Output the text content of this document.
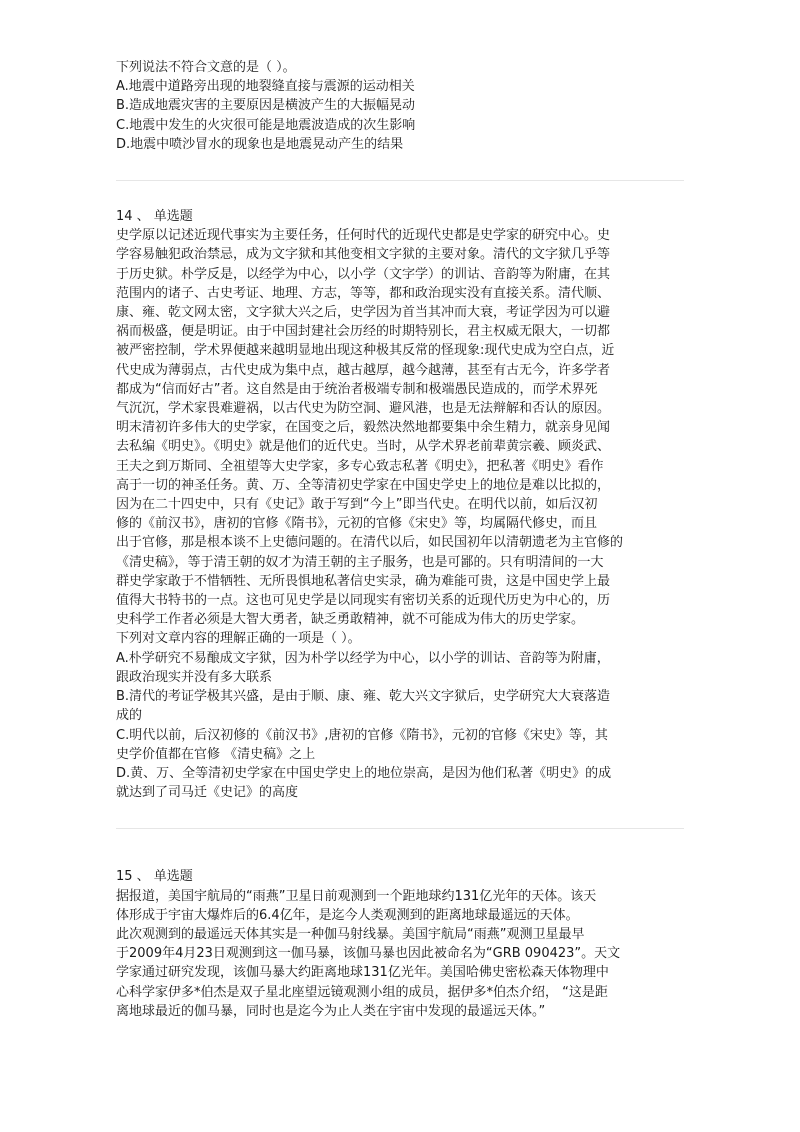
下列说法不符合文意的是（ ）。
A.地震中道路旁出现的地裂缝直接与震源的运动相关
B.造成地震灾害的主要原因是横波产生的大振幅晃动
C.地震中发生的火灾很可能是地震波造成的次生影响
D.地震中喷沙冒水的现象也是地震晃动产生的结果
14 、 单选题
史学原以记述近现代事实为主要任务，任何时代的近现代史都是史学家的研究中心。史
学容易触犯政治禁忌，成为文字狱和其他变相文字狱的主要对象。清代的文字狱几乎等
于历史狱。朴学反是，以经学为中心，以小学（文字学）的训诂、音韵等为附庸，在其
范围内的诸子、古史考证、地理、方志，等等，都和政治现实没有直接关系。清代顺、
康、雍、乾文网太密，文字狱大兴之后，史学因为首当其冲而大衰，考证学因为可以避
祸而极盛，便是明证。由于中国封建社会历经的时期特别长，君主权威无限大，一切都
被严密控制，学术界便越来越明显地出现这种极其反常的怪现象:现代史成为空白点，近
代史成为薄弱点，古代史成为集中点，越古越厚，越今越薄，甚至有古无今，许多学者
都成为“信而好古”者。这自然是由于统治者极端专制和极端愚民造成的，而学术界死
气沉沉，学术家畏难避祸，以古代史为防空洞、避风港，也是无法辩解和否认的原因。
明末清初许多伟大的史学家，在国变之后，毅然决然地都要集中余生精力，就亲身见闻
去私编《明史》。《明史》就是他们的近代史。当时，从学术界老前辈黄宗羲、顾炎武、
王夫之到万斯同、全祖望等大史学家，多专心致志私著《明史》，把私著《明史》看作
高于一切的神圣任务。黄、万、全等清初史学家在中国史学史上的地位是难以比拟的，
因为在二十四史中，只有《史记》敢于写到“今上”即当代史。在明代以前，如后汉初
修的《前汉书》，唐初的官修《隋书》，元初的官修《宋史》等，均属隔代修史，而且
出于官修，那是根本谈不上史德问题的。在清代以后，如民国初年以清朝遗老为主官修的
《清史稿》，等于清王朝的奴才为清王朝的主子服务，也是可鄙的。只有明清间的一大
群史学家敢于不惜牺牲、无所畏惧地私著信史实录，确为难能可贵，这是中国史学上最
值得大书特书的一点。这也可见史学是以同现实有密切关系的近现代历史为中心的，历
史科学工作者必须是大智大勇者，缺乏勇敢精神，就不可能成为伟大的历史学家。
下列对文章内容的理解正确的一项是（ ）。
A.朴学研究不易酿成文字狱，因为朴学以经学为中心，以小学的训诂、音韵等为附庸，
跟政治现实并没有多大联系
B.清代的考证学极其兴盛，是由于顺、康、雍、乾大兴文字狱后，史学研究大大衰落造
成的
C.明代以前，后汉初修的《前汉书》,唐初的官修《隋书》，元初的官修《宋史》等，其
史学价值都在官修 《清史稿》之上
D.黄、万、全等清初史学家在中国史学史上的地位崇高，是因为他们私著《明史》的成
就达到了司马迁《史记》的高度
15 、 单选题
据报道，美国宇航局的“雨燕”卫星日前观测到一个距地球约131亿光年的天体。该天
体形成于宇宙大爆炸后的6.4亿年，是迄今人类观测到的距离地球最遥远的天体。
此次观测到的最遥远天体其实是一种伽马射线暴。美国宇航局“雨燕”观测卫星最早
于2009年4月23日观测到这一伽马暴，该伽马暴也因此被命名为“GRB 090423”。天文
学家通过研究发现，该伽马暴大约距离地球131亿光年。美国哈佛史密松森天体物理中
心科学家伊多*伯杰是双子星北座望远镜观测小组的成员，据伊多*伯杰介绍， “这是距
离地球最近的伽马暴，同时也是迄今为止人类在宇宙中发现的最遥远天体。”
